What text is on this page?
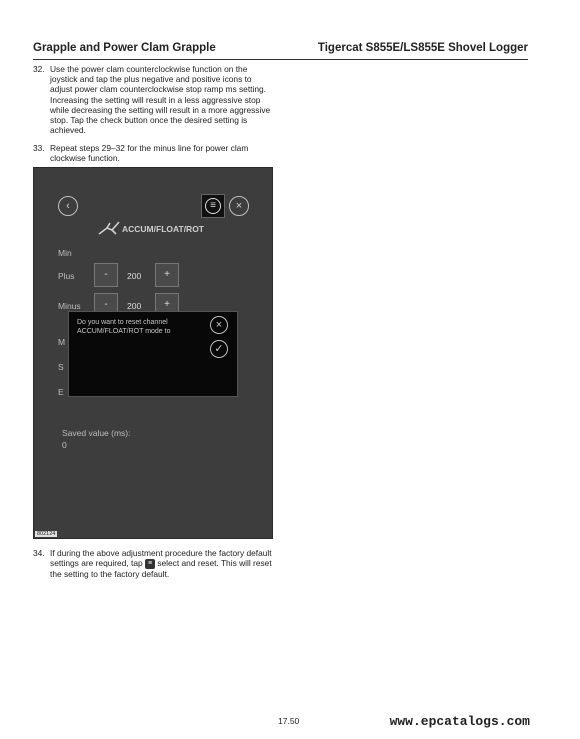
Grapple and Power Clam Grapple	Tigercat S855E/LS855E Shovel Logger
32. Use the power clam counterclockwise function on the joystick and tap the plus negative and positive icons to adjust power clam counterclockwise stop ramp ms setting. Increasing the setting will result in a less aggressive stop while decreasing the setting will result in a more aggressive stop. Tap the check button once the desired setting is achieved.
33. Repeat steps 29–32 for the minus line for power clam clockwise function.
‹	≡	×
ACCUM/FLOAT/ROT
Min
Plus	-	200	+
Minus	-	200	+
M
S
E
Do you want to reset channel ACCUM/FLOAT/ROT mode to
×
✓
Saved value (ms):
0
802124
34. If during the above adjustment procedure the factory default settings are required, tap ≡ select and reset. This will reset the setting to the factory default.
17.50	www.epcatalogs.com
